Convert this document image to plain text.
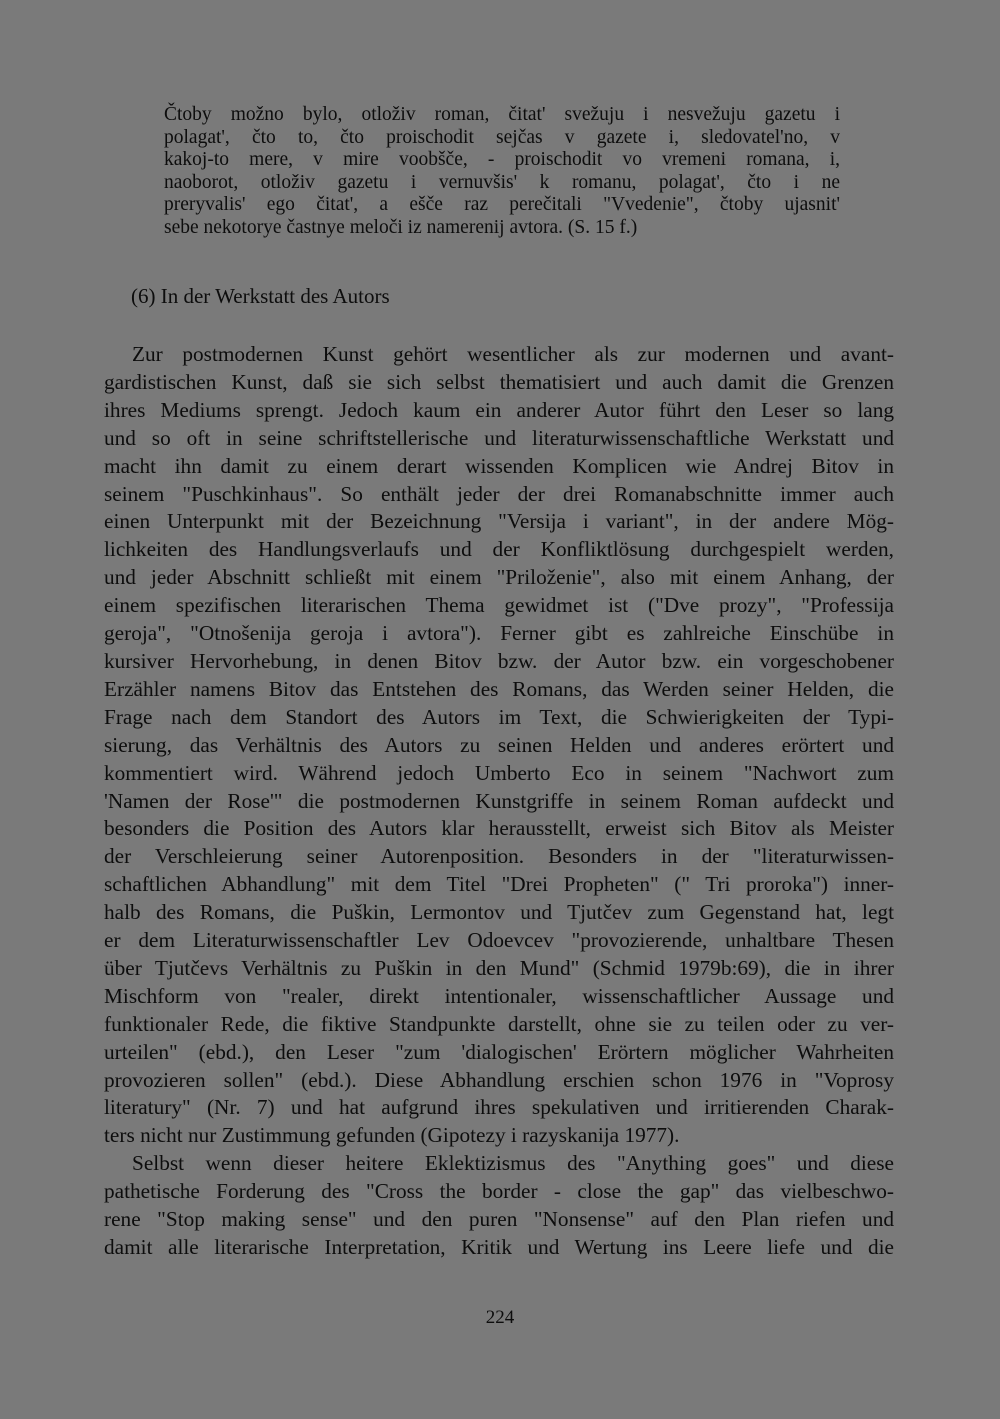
Čtoby možno bylo, otloživ roman, čitat' svežuju i nesvežuju gazetu i
polagat', čto to, čto proischodit sejčas v gazete i, sledovatel'no, v
kakoj-to mere, v mire voobšče, - proischodit vo vremeni romana, i,
naoborot, otloživ gazetu i vernuvšis' k romanu, polagat', čto i ne
preryvalis' ego čitat', a ešče raz perečitali "Vvedenie", čtoby ujasnit'
sebe nekotorye častnye meloči iz namerenij avtora. (S. 15 f.)
(6) In der Werkstatt des Autors
Zur postmodernen Kunst gehört wesentlicher als zur modernen und avant-
gardistischen Kunst, daß sie sich selbst thematisiert und auch damit die Grenzen
ihres Mediums sprengt. Jedoch kaum ein anderer Autor führt den Leser so lang
und so oft in seine schriftstellerische und literaturwissenschaftliche Werkstatt und
macht ihn damit zu einem derart wissenden Komplicen wie Andrej Bitov in
seinem "Puschkinhaus". So enthält jeder der drei Romanabschnitte immer auch
einen Unterpunkt mit der Bezeichnung "Versija i variant", in der andere Mög-
lichkeiten des Handlungsverlaufs und der Konfliktlösung durchgespielt werden,
und jeder Abschnitt schließt mit einem "Priloženie", also mit einem Anhang, der
einem spezifischen literarischen Thema gewidmet ist ("Dve prozy", "Professija
geroja", "Otnošenija geroja i avtora"). Ferner gibt es zahlreiche Einschübe in
kursiver Hervorhebung, in denen Bitov bzw. der Autor bzw. ein vorgeschobener
Erzähler namens Bitov das Entstehen des Romans, das Werden seiner Helden, die
Frage nach dem Standort des Autors im Text, die Schwierigkeiten der Typi-
sierung, das Verhältnis des Autors zu seinen Helden und anderes erörtert und
kommentiert wird. Während jedoch Umberto Eco in seinem "Nachwort zum
'Namen der Rose'" die postmodernen Kunstgriffe in seinem Roman aufdeckt und
besonders die Position des Autors klar herausstellt, erweist sich Bitov als Meister
der Verschleierung seiner Autorenposition. Besonders in der "literaturwissen-
schaftlichen Abhandlung" mit dem Titel "Drei Propheten" (" Tri proroka") inner-
halb des Romans, die Puškin, Lermontov und Tjutčev zum Gegenstand hat, legt
er dem Literaturwissenschaftler Lev Odoevcev "provozierende, unhaltbare Thesen
über Tjutčevs Verhältnis zu Puškin in den Mund" (Schmid 1979b:69), die in ihrer
Mischform von "realer, direkt intentionaler, wissenschaftlicher Aussage und
funktionaler Rede, die fiktive Standpunkte darstellt, ohne sie zu teilen oder zu ver-
urteilen" (ebd.), den Leser "zum 'dialogischen' Erörtern möglicher Wahrheiten
provozieren sollen" (ebd.). Diese Abhandlung erschien schon 1976 in "Voprosy
literatury" (Nr. 7) und hat aufgrund ihres spekulativen und irritierenden Charak-
ters nicht nur Zustimmung gefunden (Gipotezy i razyskanija 1977).
Selbst wenn dieser heitere Eklektizismus des "Anything goes" und diese
pathetische Forderung des "Cross the border - close the gap" das vielbeschwo-
rene "Stop making sense" und den puren "Nonsense" auf den Plan riefen und
damit alle literarische Interpretation, Kritik und Wertung ins Leere liefe und die
224
